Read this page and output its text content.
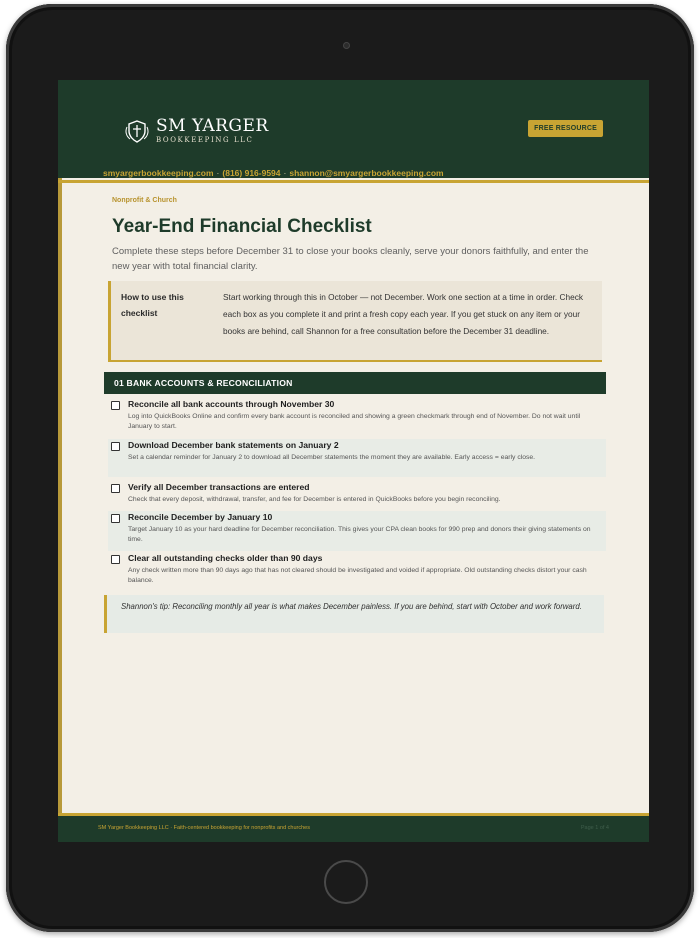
SM YARGER
BOOKKEEPING LLC
FREE RESOURCE
smyargerbookkeeping.com · (816) 916-9594 · shannon@smyargerbookkeeping.com
Nonprofit & Church
Year-End Financial Checklist
Complete these steps before December 31 to close your books cleanly, serve your donors faithfully, and enter the new year with total financial clarity.
How to use this checklist
Start working through this in October — not December. Work one section at a time in order. Check each box as you complete it and print a fresh copy each year. If you get stuck on any item or your books are behind, call Shannon for a free consultation before the December 31 deadline.
01 BANK ACCOUNTS & RECONCILIATION
Reconcile all bank accounts through November 30
Log into QuickBooks Online and confirm every bank account is reconciled and showing a green checkmark through end of November. Do not wait until January to start.
Download December bank statements on January 2
Set a calendar reminder for January 2 to download all December statements the moment they are available. Early access = early close.
Verify all December transactions are entered
Check that every deposit, withdrawal, transfer, and fee for December is entered in QuickBooks before you begin reconciling.
Reconcile December by January 10
Target January 10 as your hard deadline for December reconciliation. This gives your CPA clean books for 990 prep and donors their giving statements on time.
Clear all outstanding checks older than 90 days
Any check written more than 90 days ago that has not cleared should be investigated and voided if appropriate. Old outstanding checks distort your cash balance.
Shannon's tip: Reconciling monthly all year is what makes December painless. If you are behind, start with October and work forward.
SM Yarger Bookkeeping LLC · Faith-centered bookkeeping for nonprofits and churches	Page 1 of 4
